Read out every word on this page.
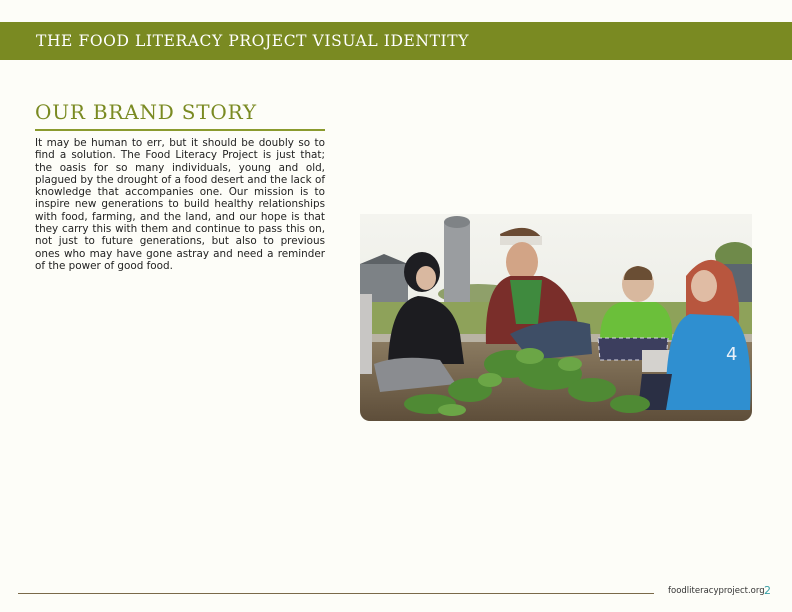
THE FOOD LITERACY PROJECT VISUAL IDENTITY
OUR BRAND STORY

It may be human to err, but it should be doubly so to find a solution. The Food Literacy Project is just that; the oasis for so many individuals, young and old, plagued by the drought of a food desert and the lack of knowledge that accompanies one. Our mission is to inspire new generations to build healthy relationships with food, farming, and the land, and our hope is that they carry this with them and continue to pass this on, not just to future generations, but also to previous ones who may have gone astray and need a reminder of the power of good food.

4
foodliteracyproject.org 2
